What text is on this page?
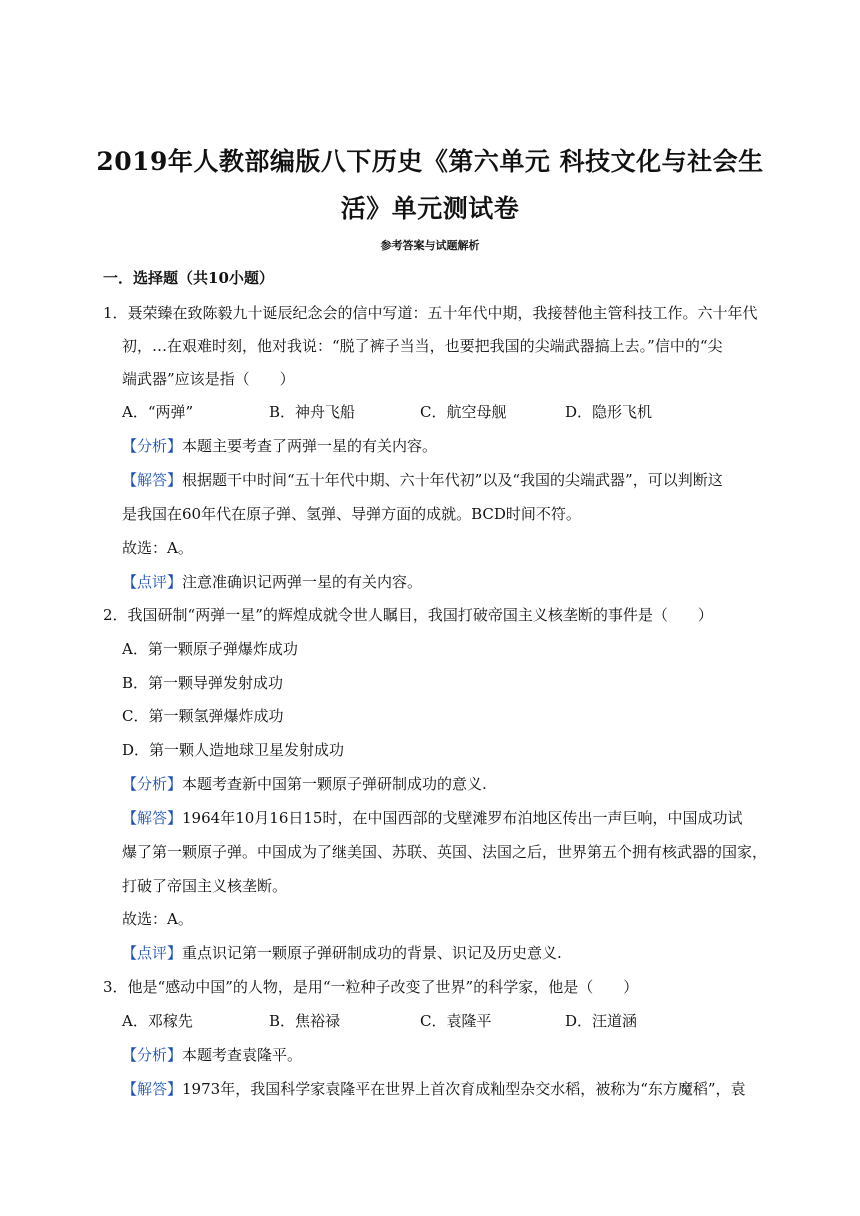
2019年人教部编版八下历史《第六单元 科技文化与社会生
活》单元测试卷
参考答案与试题解析
一．选择题（共10小题）
1．聂荣臻在致陈毅九十诞辰纪念会的信中写道：五十年代中期，我接替他主管科技工作。六十年代
初，…在艰难时刻，他对我说：“脱了裤子当当，也要把我国的尖端武器搞上去。”信中的“尖
端武器”应该是指（　　）
A．“两弹”	B．神舟飞船	C．航空母舰	D．隐形飞机
【分析】本题主要考查了两弹一星的有关内容。
【解答】根据题干中时间“五十年代中期、六十年代初”以及“我国的尖端武器”，可以判断这
是我国在60年代在原子弹、氢弹、导弹方面的成就。BCD时间不符。
故选：A。
【点评】注意准确识记两弹一星的有关内容。
2．我国研制“两弹一星”的辉煌成就令世人瞩目，我国打破帝国主义核垄断的事件是（　　）
A．第一颗原子弹爆炸成功
B．第一颗导弹发射成功
C．第一颗氢弹爆炸成功
D．第一颗人造地球卫星发射成功
【分析】本题考查新中国第一颗原子弹研制成功的意义.
【解答】1964年10月16日15时，在中国西部的戈壁滩罗布泊地区传出一声巨响，中国成功试
爆了第一颗原子弹。中国成为了继美国、苏联、英国、法国之后，世界第五个拥有核武器的国家，
打破了帝国主义核垄断。
故选：A。
【点评】重点识记第一颗原子弹研制成功的背景、识记及历史意义.
3．他是“感动中国”的人物，是用“一粒种子改变了世界”的科学家，他是（　　）
A．邓稼先	B．焦裕禄	C．袁隆平	D．汪道涵
【分析】本题考查袁隆平。
【解答】1973年，我国科学家袁隆平在世界上首次育成籼型杂交水稻，被称为“东方魔稻”，袁
